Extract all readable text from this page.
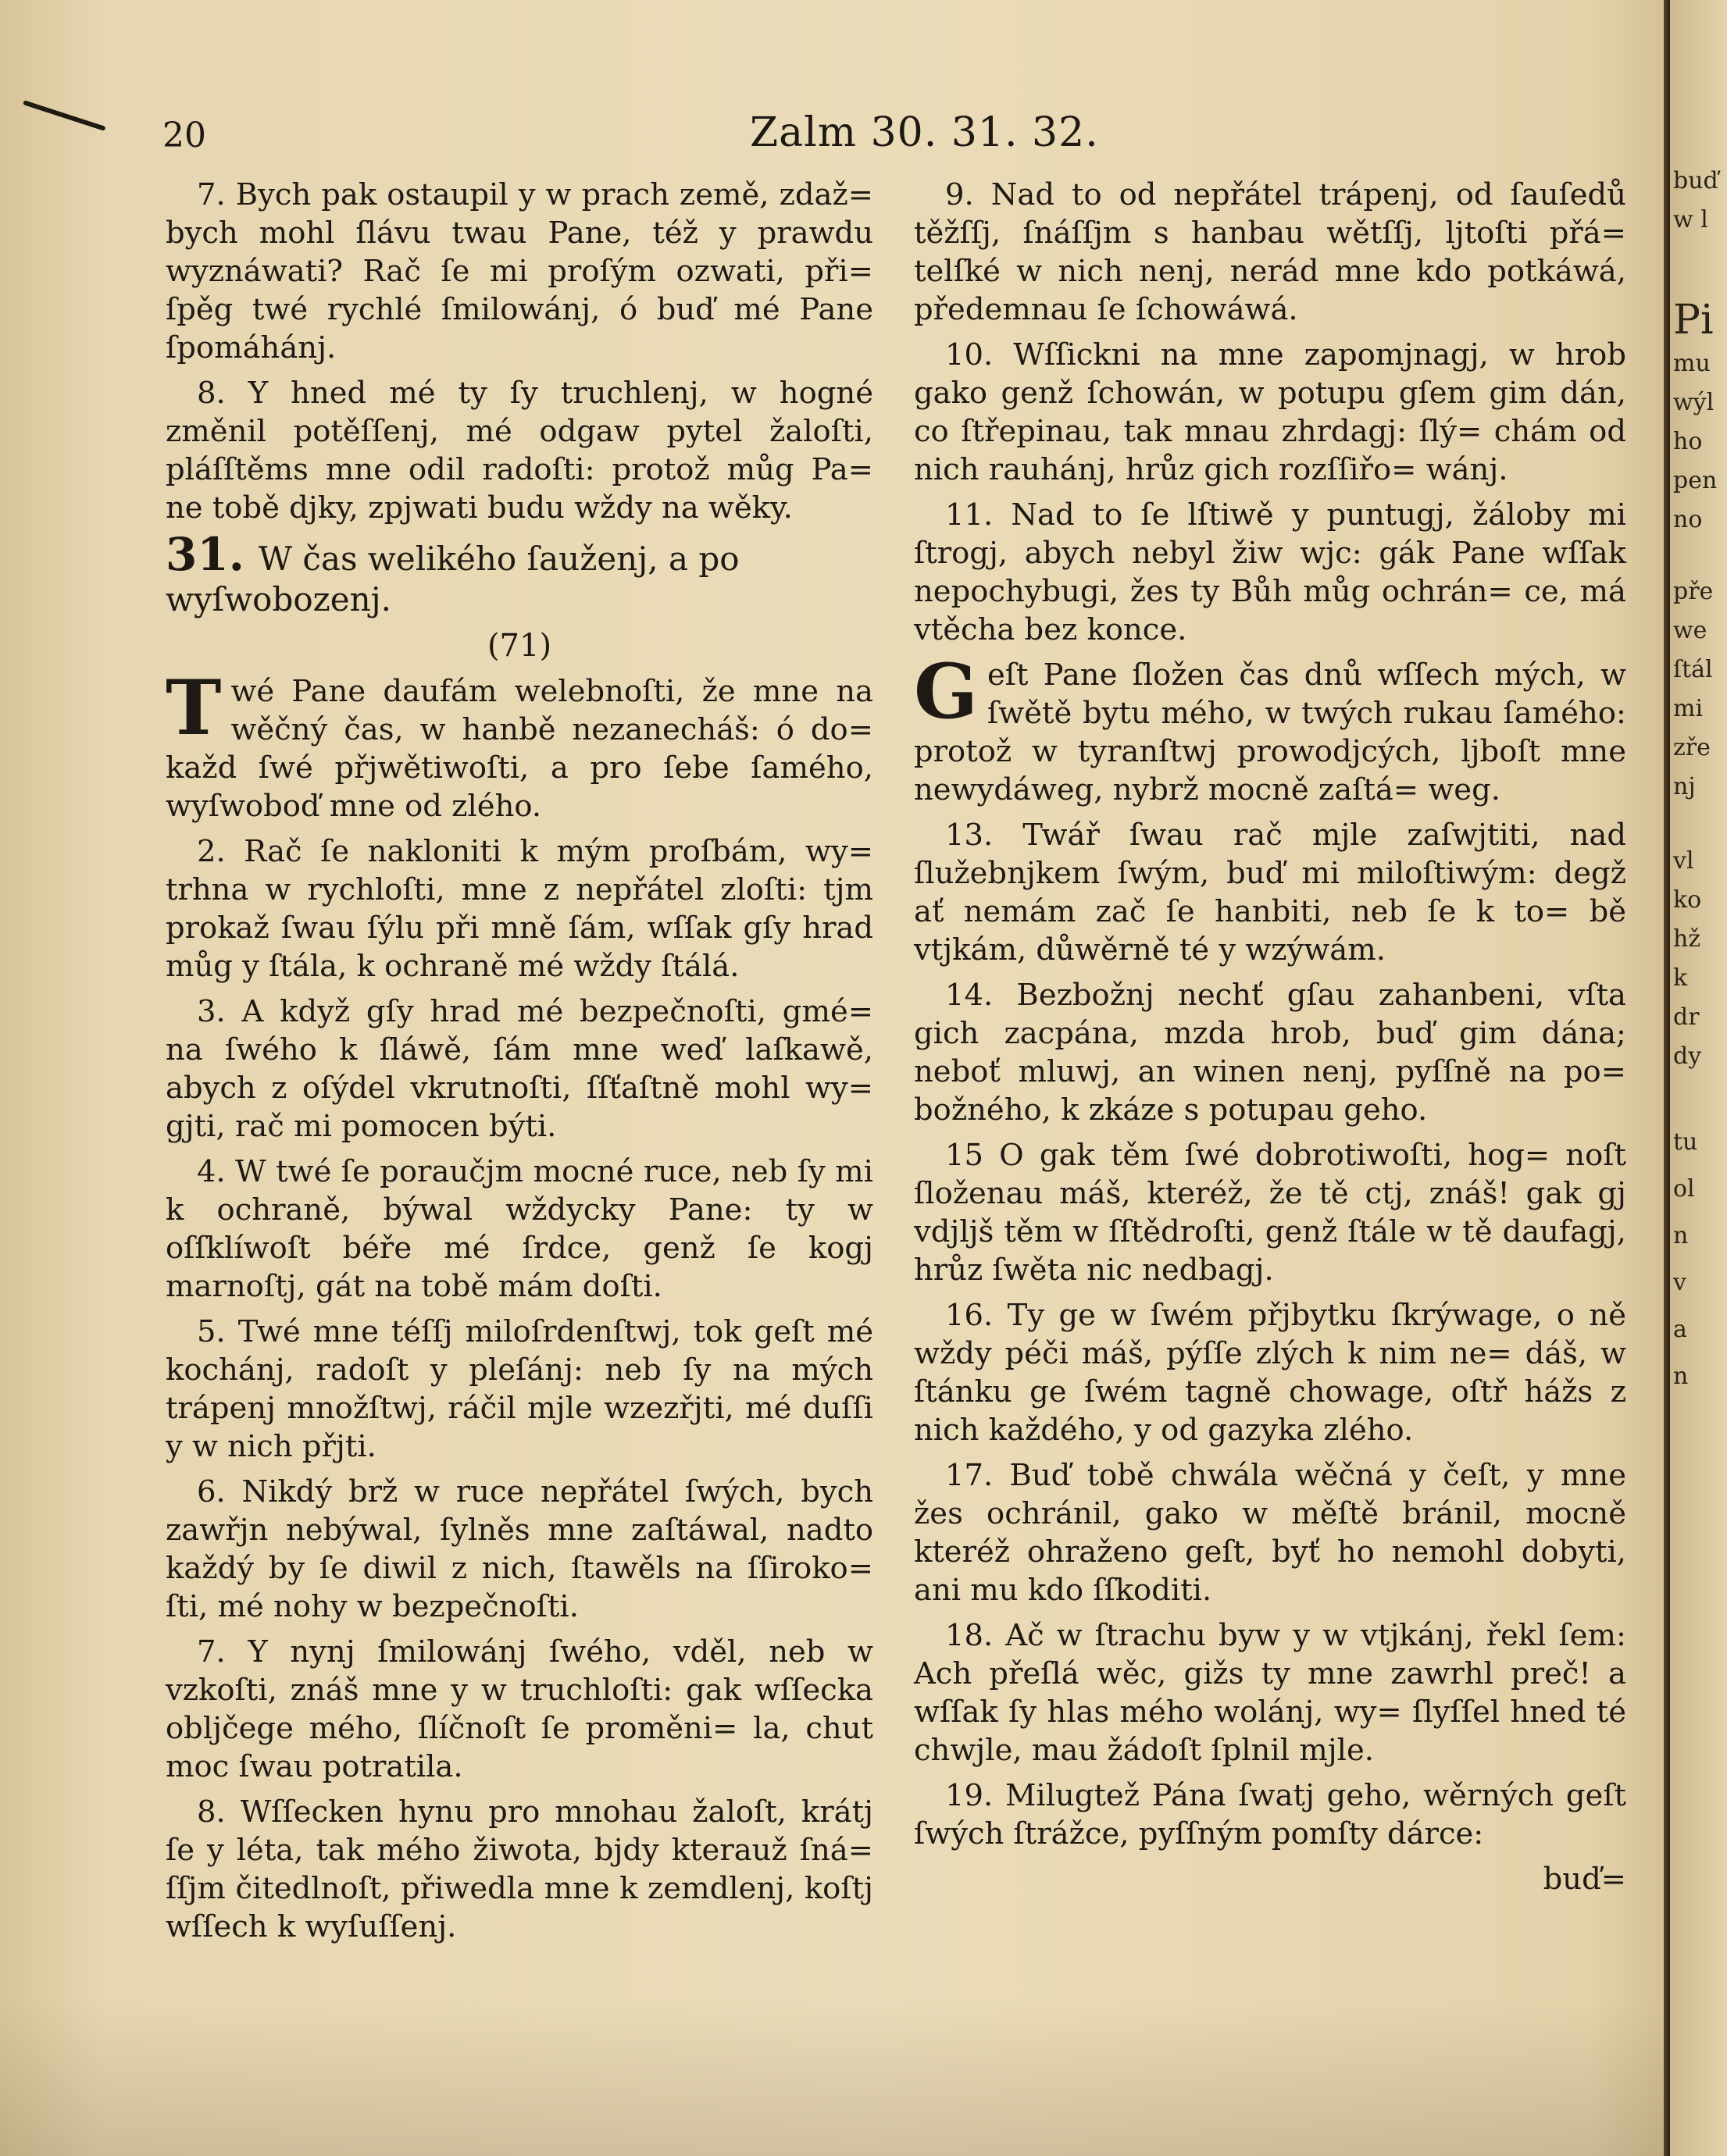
buď
w l
Pi
mu
wýl
ho
pen
no
pře
we
ſtál
mi
zře
nj
vl
ko
hž
k
dr
dy
tu
ol
n
v
a
n
20	Zalm 30. 31. 32.

7. Bych pak ostaupil y w prach země, zdaž= bych mohl ſlávu twau Pane, též y prawdu wyznáwati? Rač ſe mi proſým ozwati, při= ſpěg twé rychlé ſmilowánj, ó buď mé Pane ſpomáhánj.

8. Y hned mé ty ſy truchlenj, w hogné změnil potěſſenj, mé odgaw pytel žaloſti, pláſſtěms mne odil radoſti: protož můg Pa= ne tobě djky, zpjwati budu wždy na wěky.

31. W čas welikého ſauženj, a po wyſwobozenj.

(71)

Twé Pane daufám welebnoſti, že mne na wěčný čas, w hanbě nezanecháš: ó do= každ ſwé přjwětiwoſti, a pro ſebe ſamého, wyſwoboď mne od zlého.

2. Rač ſe nakloniti k mým proſbám, wy= trhna w rychloſti, mne z nepřátel zloſti: tjm prokaž ſwau ſýlu při mně ſám, wſſak gſy hrad můg y ſtála, k ochraně mé wždy ſtálá.

3. A když gſy hrad mé bezpečnoſti, gmé= na ſwého k ſláwě, ſám mne weď laſkawě, abych z oſýdel vkrutnoſti, ſſťaſtně mohl wy= gjti, rač mi pomocen býti.

4. W twé ſe poraučjm mocné ruce, neb ſy mi k ochraně, býwal wždycky Pane: ty w oſſklíwoſt béře mé ſrdce, genž ſe kogj marnoſtj, gát na tobě mám doſti.

5. Twé mne téſſj miloſrdenſtwj, tok geſt mé kochánj, radoſt y pleſánj: neb ſy na mých trápenj množſtwj, ráčil mjle wzezřjti, mé duſſi y w nich přjti.

6. Nikdý brž w ruce nepřátel ſwých, bych zawřjn nebýwal, ſylněs mne zaſtáwal, nadto každý by ſe diwil z nich, ſtawěls na ſſiroko= ſti, mé nohy w bezpečnoſti.

7. Y nynj ſmilowánj ſwého, vděl, neb w vzkoſti, znáš mne y w truchloſti: gak wſſecka obljčege mého, ſlíčnoſt ſe proměni= la, chut moc ſwau potratila.

8. Wſſecken hynu pro mnohau žaloſt, krátj ſe y léta, tak mého žiwota, bjdy kterauž ſná= ſſjm čitedlnoſt, přiwedla mne k zemdlenj, koſtj wſſech k wyſuſſenj.

9. Nad to od nepřátel trápenj, od ſauſedů těžſſj, ſnáſſjm s hanbau wětſſj, ljtoſti přá= telſké w nich nenj, nerád mne kdo potkáwá, předemnau ſe ſchowáwá.

10. Wſſickni na mne zapomjnagj, w hrob gako genž ſchowán, w potupu gſem gim dán, co ſtřepinau, tak mnau zhrdagj: ſlý= chám od nich rauhánj, hrůz gich rozſſiřo= wánj.

11. Nad to ſe lſtiwě y puntugj, žáloby mi ſtrogj, abych nebyl žiw wjc: gák Pane wſſak nepochybugi, žes ty Bůh můg ochrán= ce, má vtěcha bez konce.

Geſt Pane ſložen čas dnů wſſech mých, w ſwětě bytu mého, w twých rukau ſamého: protož w tyranſtwj prowodjcých, ljboſt mne newydáweg, nybrž mocně zaſtá= weg.

13. Twář ſwau rač mjle zaſwjtiti, nad ſlužebnjkem ſwým, buď mi miloſtiwým: degž ať nemám zač ſe hanbiti, neb ſe k to= bě vtjkám, důwěrně té y wzýwám.

14. Bezbožnj nechť gſau zahanbeni, vſta gich zacpána, mzda hrob, buď gim dána; neboť mluwj, an winen nenj, pyſſně na po= božného, k zkáze s potupau geho.

15 O gak těm ſwé dobrotiwoſti, hog= noſt ſloženau máš, kteréž, že tě ctj, znáš! gak gj vdjljš těm w ſſtědroſti, genž ſtále w tě daufagj, hrůz ſwěta nic nedbagj.

16. Ty ge w ſwém přjbytku ſkrýwage, o ně wždy péči máš, pýſſe zlých k nim ne= dáš, w ſtánku ge ſwém tagně chowage, oſtř hážs z nich každého, y od gazyka zlého.

17. Buď tobě chwála wěčná y čeſt, y mne žes ochránil, gako w měſtě bránil, mocně kteréž ohraženo geſt, byť ho nemohl dobyti, ani mu kdo ſſkoditi.

18. Ač w ſtrachu byw y w vtjkánj, řekl ſem: Ach přeſlá wěc, gižs ty mne zawrhl preč! a wſſak ſy hlas mého wolánj, wy= ſlyſſel hned té chwjle, mau žádoſt ſplnil mjle.

19. Milugtež Pána ſwatj geho, wěrných geſt ſwých ſtrážce, pyſſným pomſty dárce:

buď=
